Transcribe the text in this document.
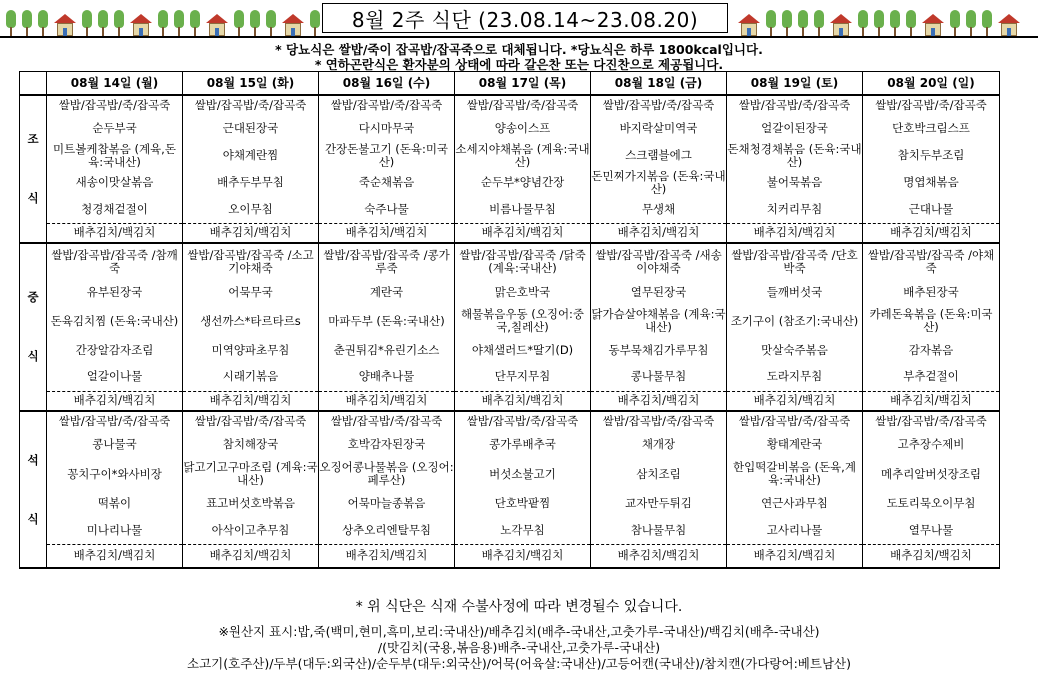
8월 2주 식단 (23.08.14~23.08.20)
* 당뇨식은 쌀밥/죽이 잡곡밥/잡곡죽으로 대체됩니다. *당뇨식은 하루 1800kcal입니다.
* 연하곤란식은 환자분의 상태에 따라 갈은찬 또는 다진찬으로 제공됩니다.
	08월 14일 (월)	08월 15일 (화)	08월 16일 (수)	08월 17일 (목)	08월 18일 (금)	08월 19일 (토)	08월 20일 (일)

조
식	쌀밥/잡곡밥/죽/잡곡죽	쌀밥/잡곡밥/죽/잡곡죽	쌀밥/잡곡밥/죽/잡곡죽	쌀밥/잡곡밥/죽/잡곡죽	쌀밥/잡곡밥/죽/잡곡죽	쌀밥/잡곡밥/죽/잡곡죽	쌀밥/잡곡밥/죽/잡곡죽

	순두부국	근대된장국	다시마무국	양송이스프	바지락살미역국	얼갈이된장국	단호박크림스프

	미트볼케찹볶음 (계육,돈육:국내산)	야채계란찜	간장돈불고기 (돈육:미국산)	소세지야채볶음 (계육:국내산)	스크램블에그	돈채청경채볶음 (돈육:국내산)	참치두부조림

	새송이맛살볶음	배추두부무침	죽순채볶음	순두부*양념간장	돈민찌가지볶음 (돈육:국내산)	불어묵볶음	명엽채볶음

	청경채겉절이	오이무침	숙주나물	비름나물무침	무생채	치커리무침	근대나물

	배추김치/백김치	배추김치/백김치	배추김치/백김치	배추김치/백김치	배추김치/백김치	배추김치/백김치	배추김치/백김치

중
식	쌀밥/잡곡밥/잡곡죽 /참깨죽	쌀밥/잡곡밥/잡곡죽 /소고기야채죽	쌀밥/잡곡밥/잡곡죽 /콩가루죽	쌀밥/잡곡밥/잡곡죽 /닭죽(계육:국내산)	쌀밥/잡곡밥/잡곡죽 /새송이야채죽	쌀밥/잡곡밥/잡곡죽 /단호박죽	쌀밥/잡곡밥/잡곡죽 /야채죽

	유부된장국	어묵무국	계란국	맑은호박국	열무된장국	들깨버섯국	배추된장국

	돈육김치찜 (돈육:국내산)	생선까스*타르타르s	마파두부 (돈육:국내산)	해물볶음우동 (오징어:중국,칠레산)	닭가슴살야채볶음 (계육:국내산)	조기구이 (참조기:국내산)	카레돈육볶음 (돈육:미국산)

	간장알감자조림	미역양파초무침	춘권튀김*유린기소스	야채샐러드*딸기(D)	동부묵채김가루무침	맛살숙주볶음	감자볶음

	얼갈이나물	시래기볶음	양배추나물	단무지무침	콩나물무침	도라지무침	부추겉절이

	배추김치/백김치	배추김치/백김치	배추김치/백김치	배추김치/백김치	배추김치/백김치	배추김치/백김치	배추김치/백김치

석
식	쌀밥/잡곡밥/죽/잡곡죽	쌀밥/잡곡밥/죽/잡곡죽	쌀밥/잡곡밥/죽/잡곡죽	쌀밥/잡곡밥/죽/잡곡죽	쌀밥/잡곡밥/죽/잡곡죽	쌀밥/잡곡밥/죽/잡곡죽	쌀밥/잡곡밥/죽/잡곡죽

	콩나물국	참치해장국	호박감자된장국	콩가루배추국	채개장	황태계란국	고추장수제비

	꽁치구이*와사비장	닭고기고구마조림 (계육:국내산)	오징어콩나물볶음 (오징어:페루산)	버섯소불고기	삼치조림	한입떡갈비볶음 (돈육,계육:국내산)	메추리알버섯장조림

	떡볶이	표고버섯호박볶음	어묵마늘종볶음	단호박팥찜	교자만두튀김	연근사과무침	도토리묵오이무침

	미나리나물	아삭이고추무침	상추오리엔탈무침	노각무침	참나물무침	고사리나물	열무나물

	배추김치/백김치	배추김치/백김치	배추김치/백김치	배추김치/백김치	배추김치/백김치	배추김치/백김치	배추김치/백김치
* 위 식단은 식재 수불사정에 따라 변경될수 있습니다.
※원산지 표시:밥,죽(백미,현미,흑미,보리:국내산)/배추김치(배추-국내산,고춧가루-국내산)/백김치(배추-국내산)
/(맛김치(국용,볶음용)배추-국내산,고춧가루-국내산)
소고기(호주산)/두부(대두:외국산)/순두부(대두:외국산)/어묵(어육살:국내산)/고등어캔(국내산)/참치캔(가다랑어:베트남산)
